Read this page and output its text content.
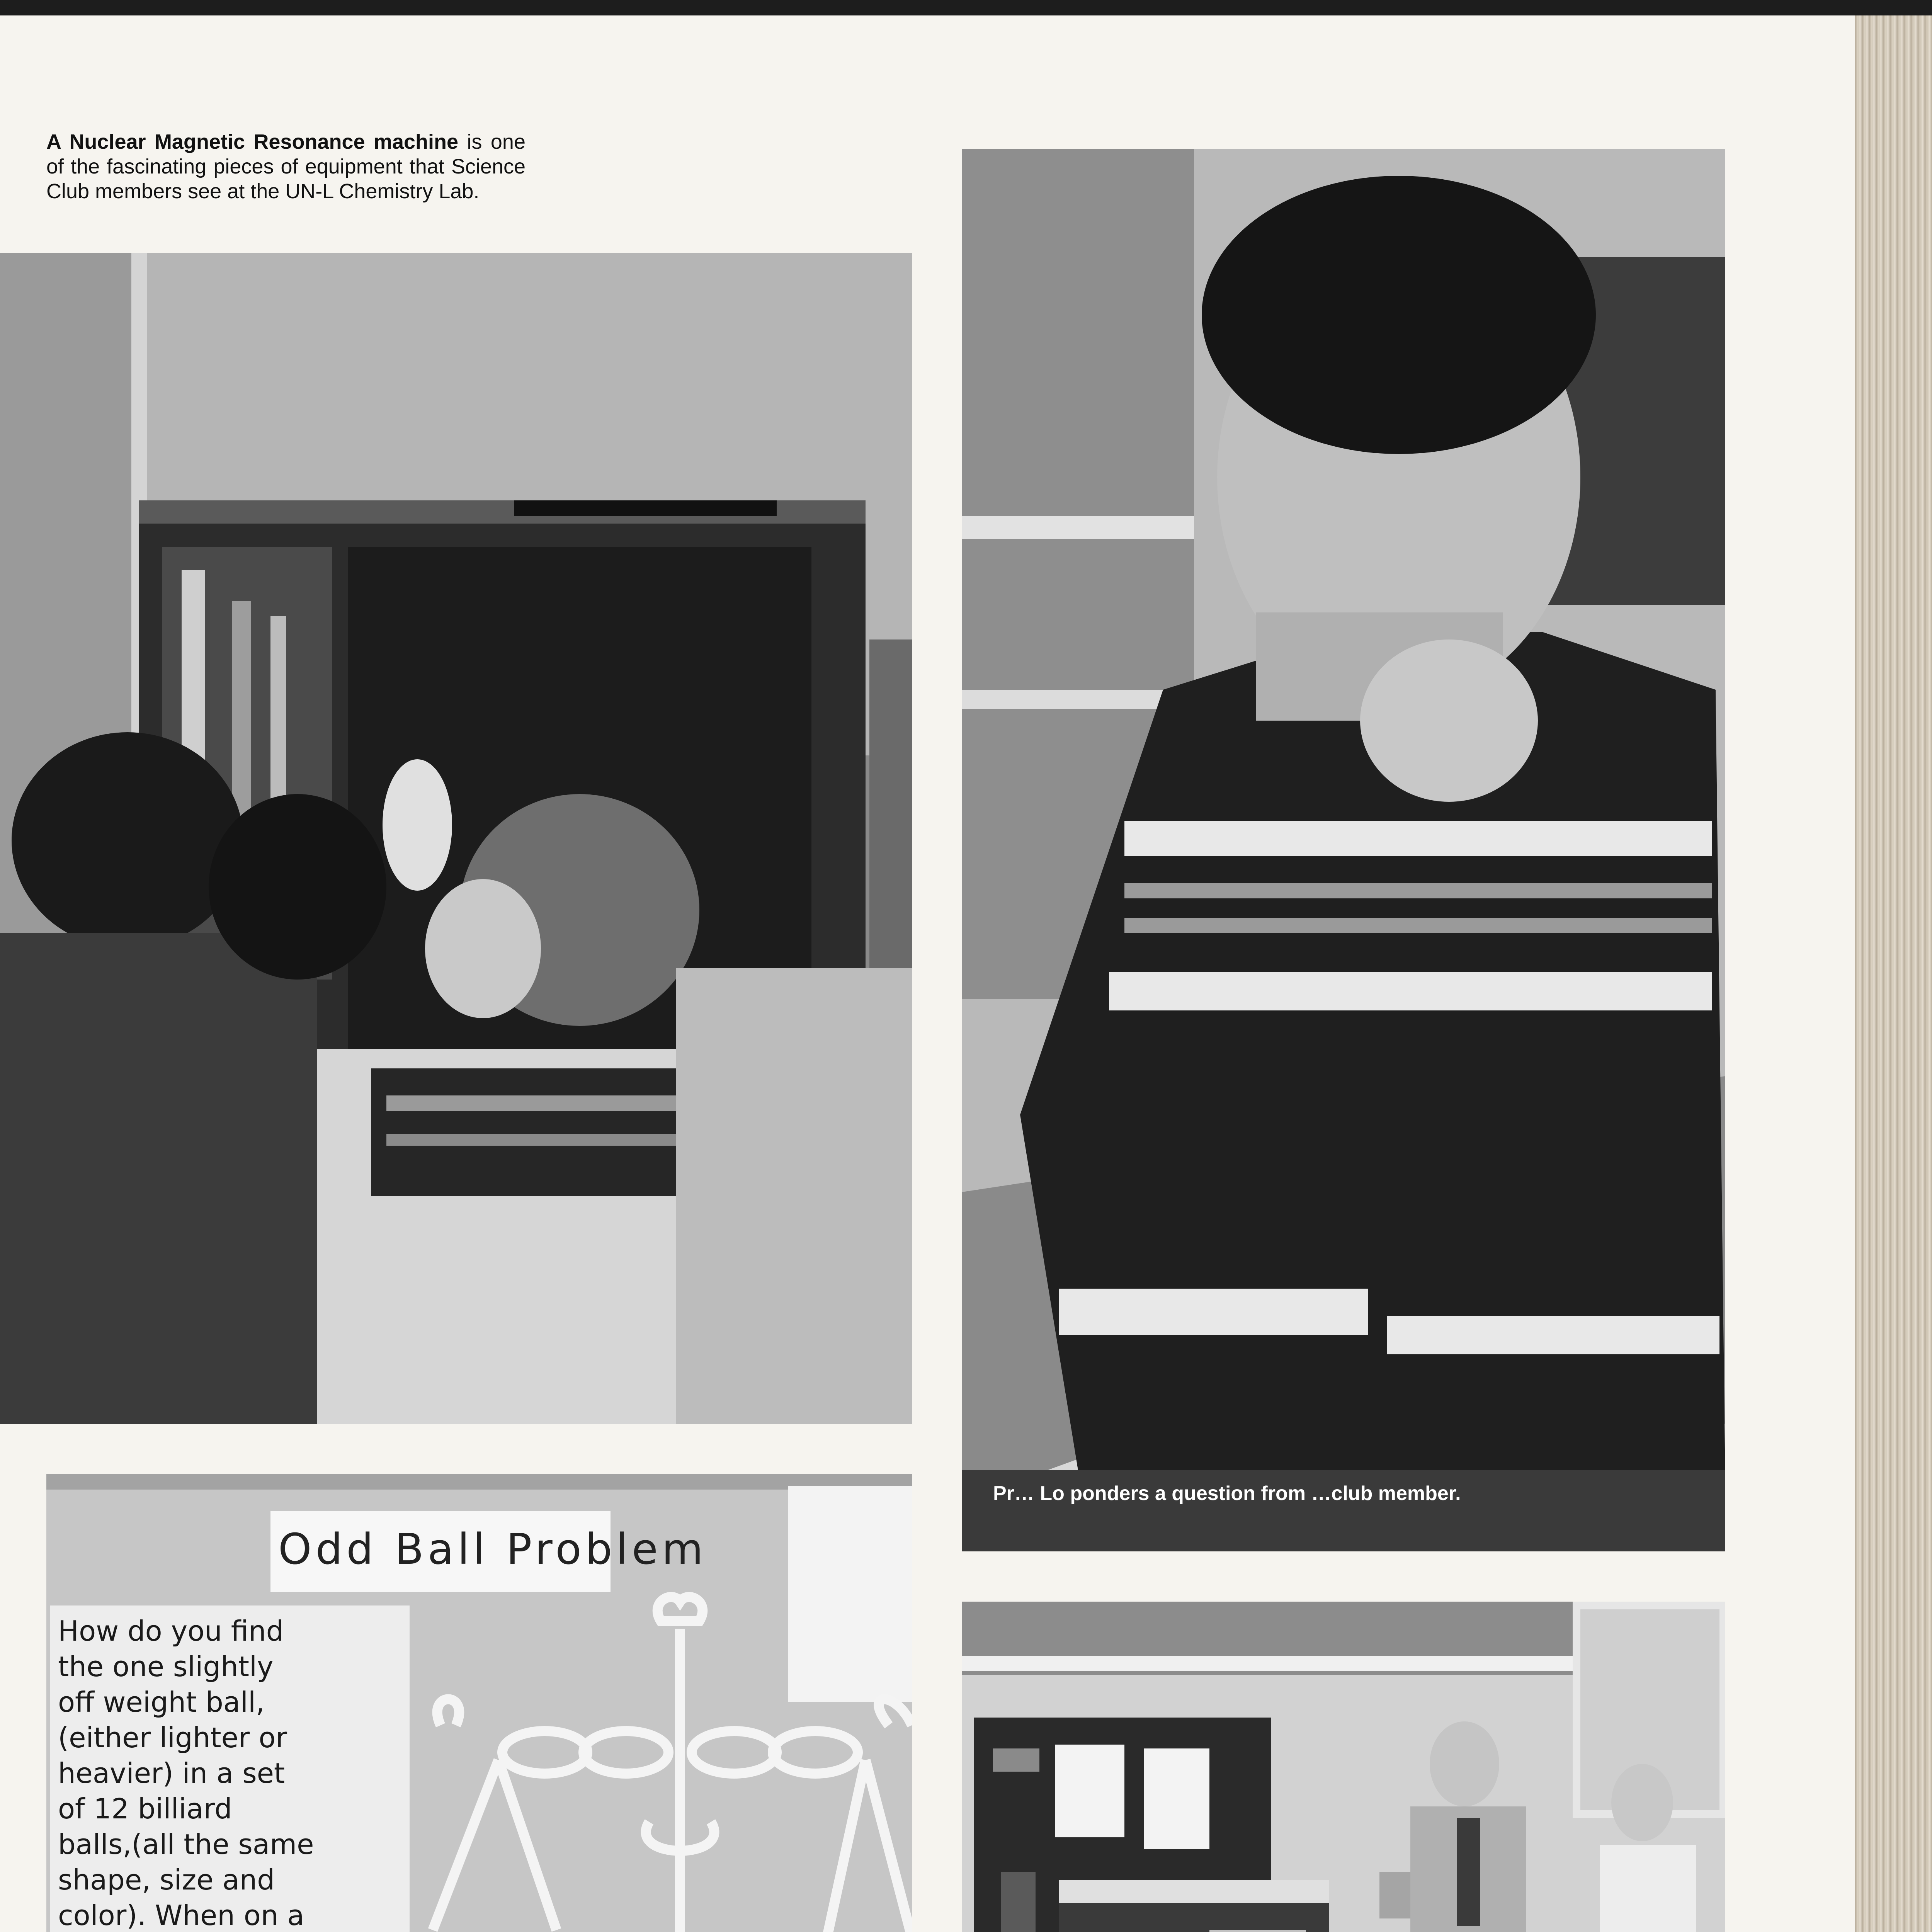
A Nuclear Magnetic Resonance machine is one of the fascinating pieces of equipment that Science Club members see at the UN-L Chemistry Lab.
Pr… Lo ponders a question from …club member.
Odd Ball Problem
How do you find
the one slightly
off weight ball,
(either lighter or
heavier) in a set
of 12 billiard
balls,(all the same
shape, size and
color). When on a
